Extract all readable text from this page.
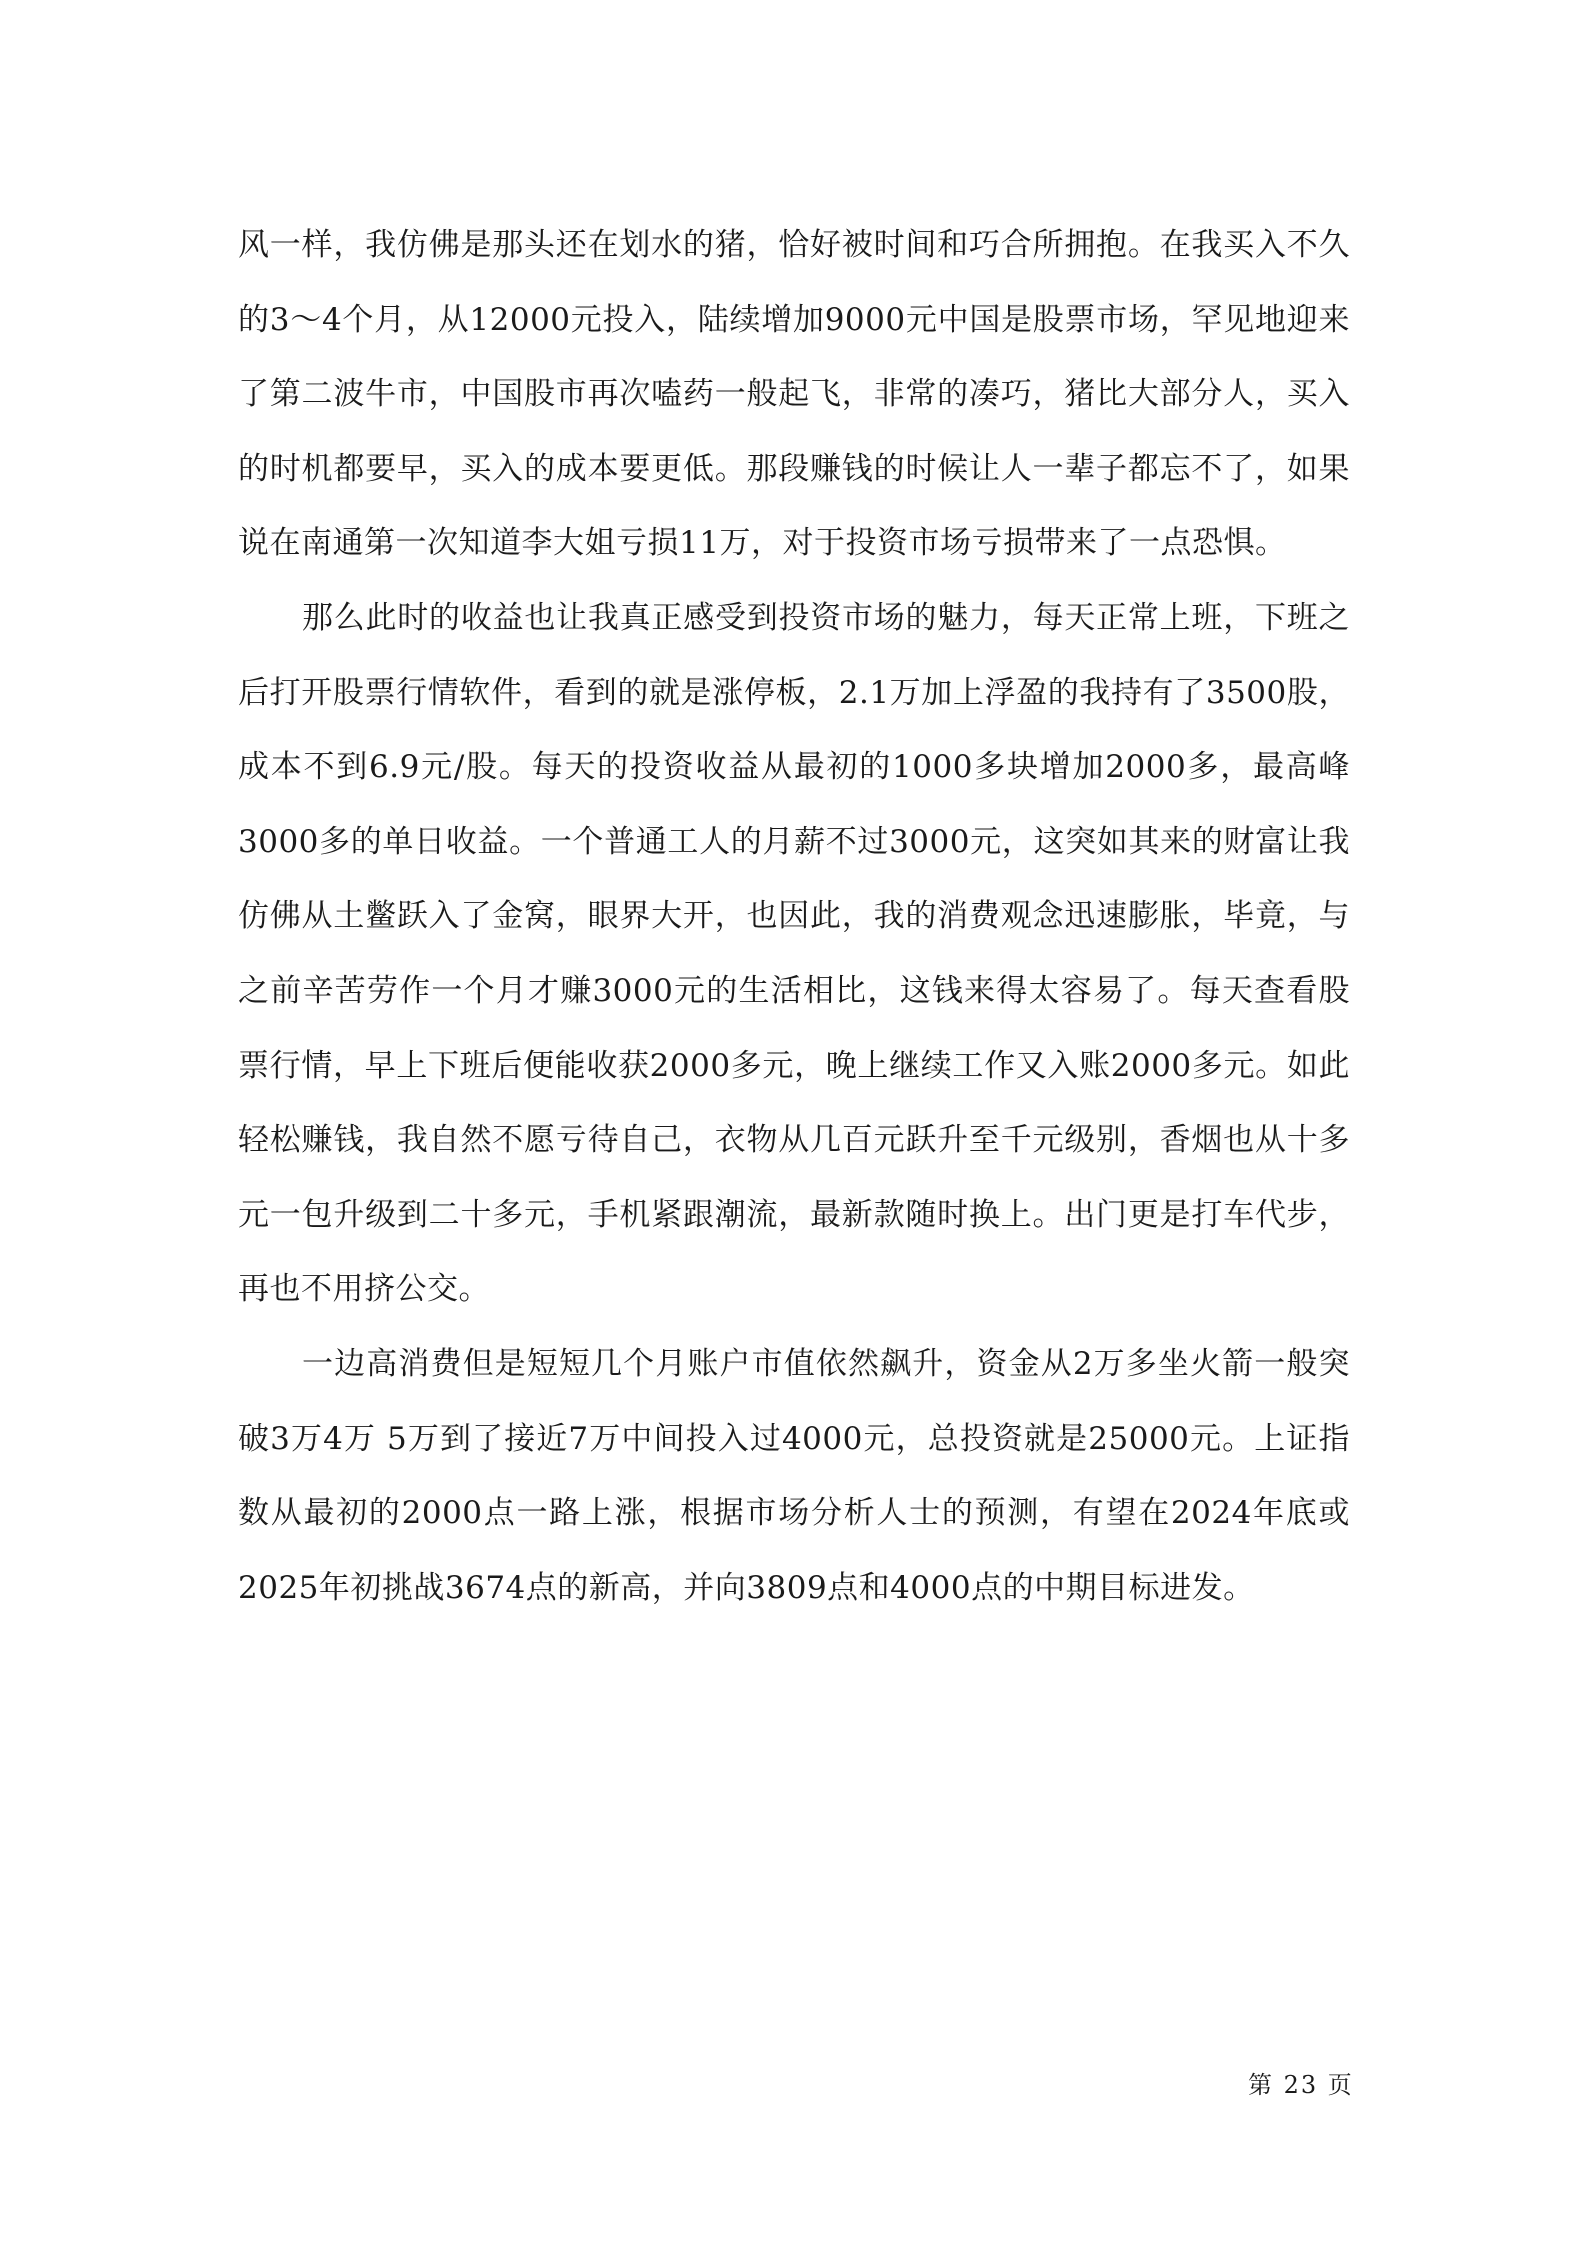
风一样，我仿佛是那头还在划水的猪，恰好被时间和巧合所拥抱。在我买入不久的3～4个月，从12000元投入，陆续增加9000元中国是股票市场，罕见地迎来了第二波牛市，中国股市再次嗑药一般起飞，非常的凑巧，猪比大部分人，买入的时机都要早，买入的成本要更低。那段赚钱的时候让人一辈子都忘不了，如果说在南通第一次知道李大姐亏损11万，对于投资市场亏损带来了一点恐惧。

那么此时的收益也让我真正感受到投资市场的魅力，每天正常上班，下班之后打开股票行情软件，看到的就是涨停板，2.1万加上浮盈的我持有了3500股，成本不到6.9元/股。每天的投资收益从最初的1000多块增加2000多，最高峰3000多的单日收益。一个普通工人的月薪不过3000元，这突如其来的财富让我仿佛从土鳖跃入了金窝，眼界大开，也因此，我的消费观念迅速膨胀，毕竟，与之前辛苦劳作一个月才赚3000元的生活相比，这钱来得太容易了。每天查看股票行情，早上下班后便能收获2000多元，晚上继续工作又入账2000多元。如此轻松赚钱，我自然不愿亏待自己，衣物从几百元跃升至千元级别，香烟也从十多元一包升级到二十多元，手机紧跟潮流，最新款随时换上。出门更是打车代步，再也不用挤公交。

一边高消费但是短短几个月账户市值依然飙升，资金从2万多坐火箭一般突破3万4万 5万到了接近7万中间投入过4000元，总投资就是25000元。上证指数从最初的2000点一路上涨，根据市场分析人士的预测，有望在2024年底或2025年初挑战3674点的新高，并向3809点和4000点的中期目标进发。

第 23 页
